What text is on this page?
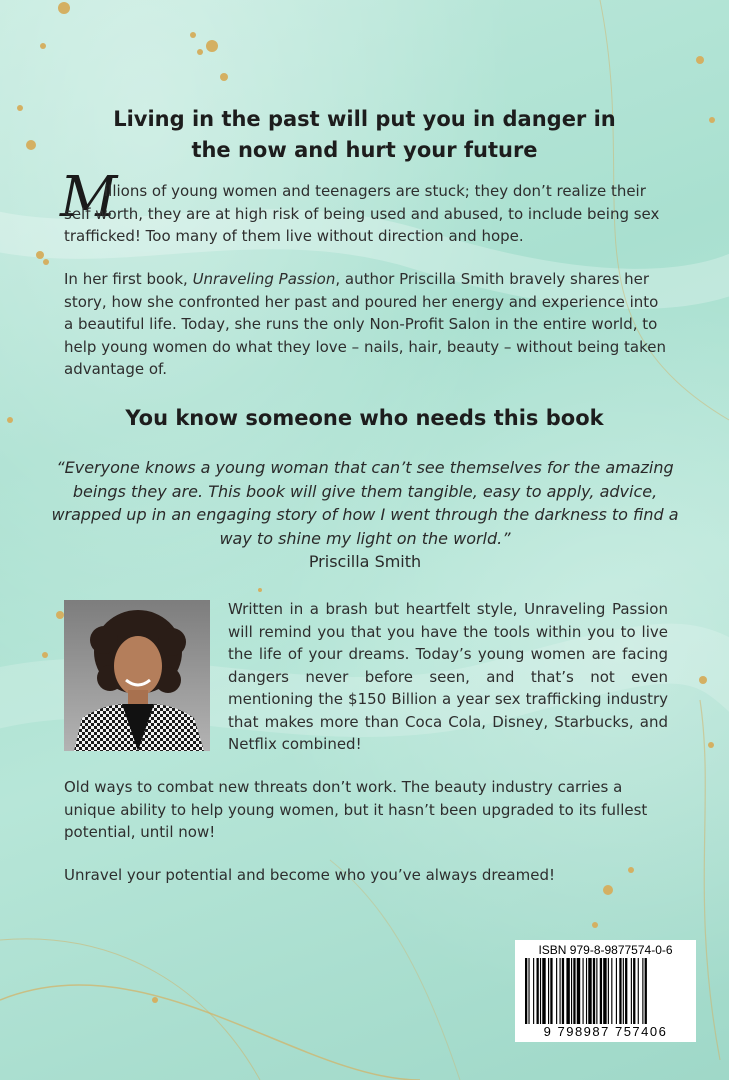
Living in the past will put you in danger in
the now and hurt your future
M

illions of young women and teenagers are stuck; they don’t realize their
self worth, they are at high risk of being used and abused, to include being sex trafficked! Too many of them live without direction and hope.

In her first book, Unraveling Passion, author Priscilla Smith bravely shares her story, how she confronted her past and poured her energy and experience into a beautiful life. Today, she runs the only Non-Profit Salon in the entire world, to help young women do what they love – nails, hair, beauty – without being taken advantage of.

You know someone who needs this book

“Everyone knows a young woman that can’t see themselves for the amazing beings they are. This book will give them tangible, easy to apply, advice, wrapped up in an engaging story of how I went through the darkness to find a way to shine my light on the world.”
Priscilla Smith

Written in a brash but heartfelt style, Unraveling Passion will remind you that you have the tools within you to live the life of your dreams. Today’s young women are facing dangers never before seen, and that’s not even mentioning the $150 Billion a year sex trafficking industry that makes more than Coca Cola, Disney, Starbucks, and Netflix combined!

Old ways to combat new threats don’t work. The beauty industry carries a unique ability to help young women, but it hasn’t been upgraded to its fullest potential, until now!

Unravel your potential and become who you’ve always dreamed!

ISBN 979-8-9877574-0-6
9 798987 757406
